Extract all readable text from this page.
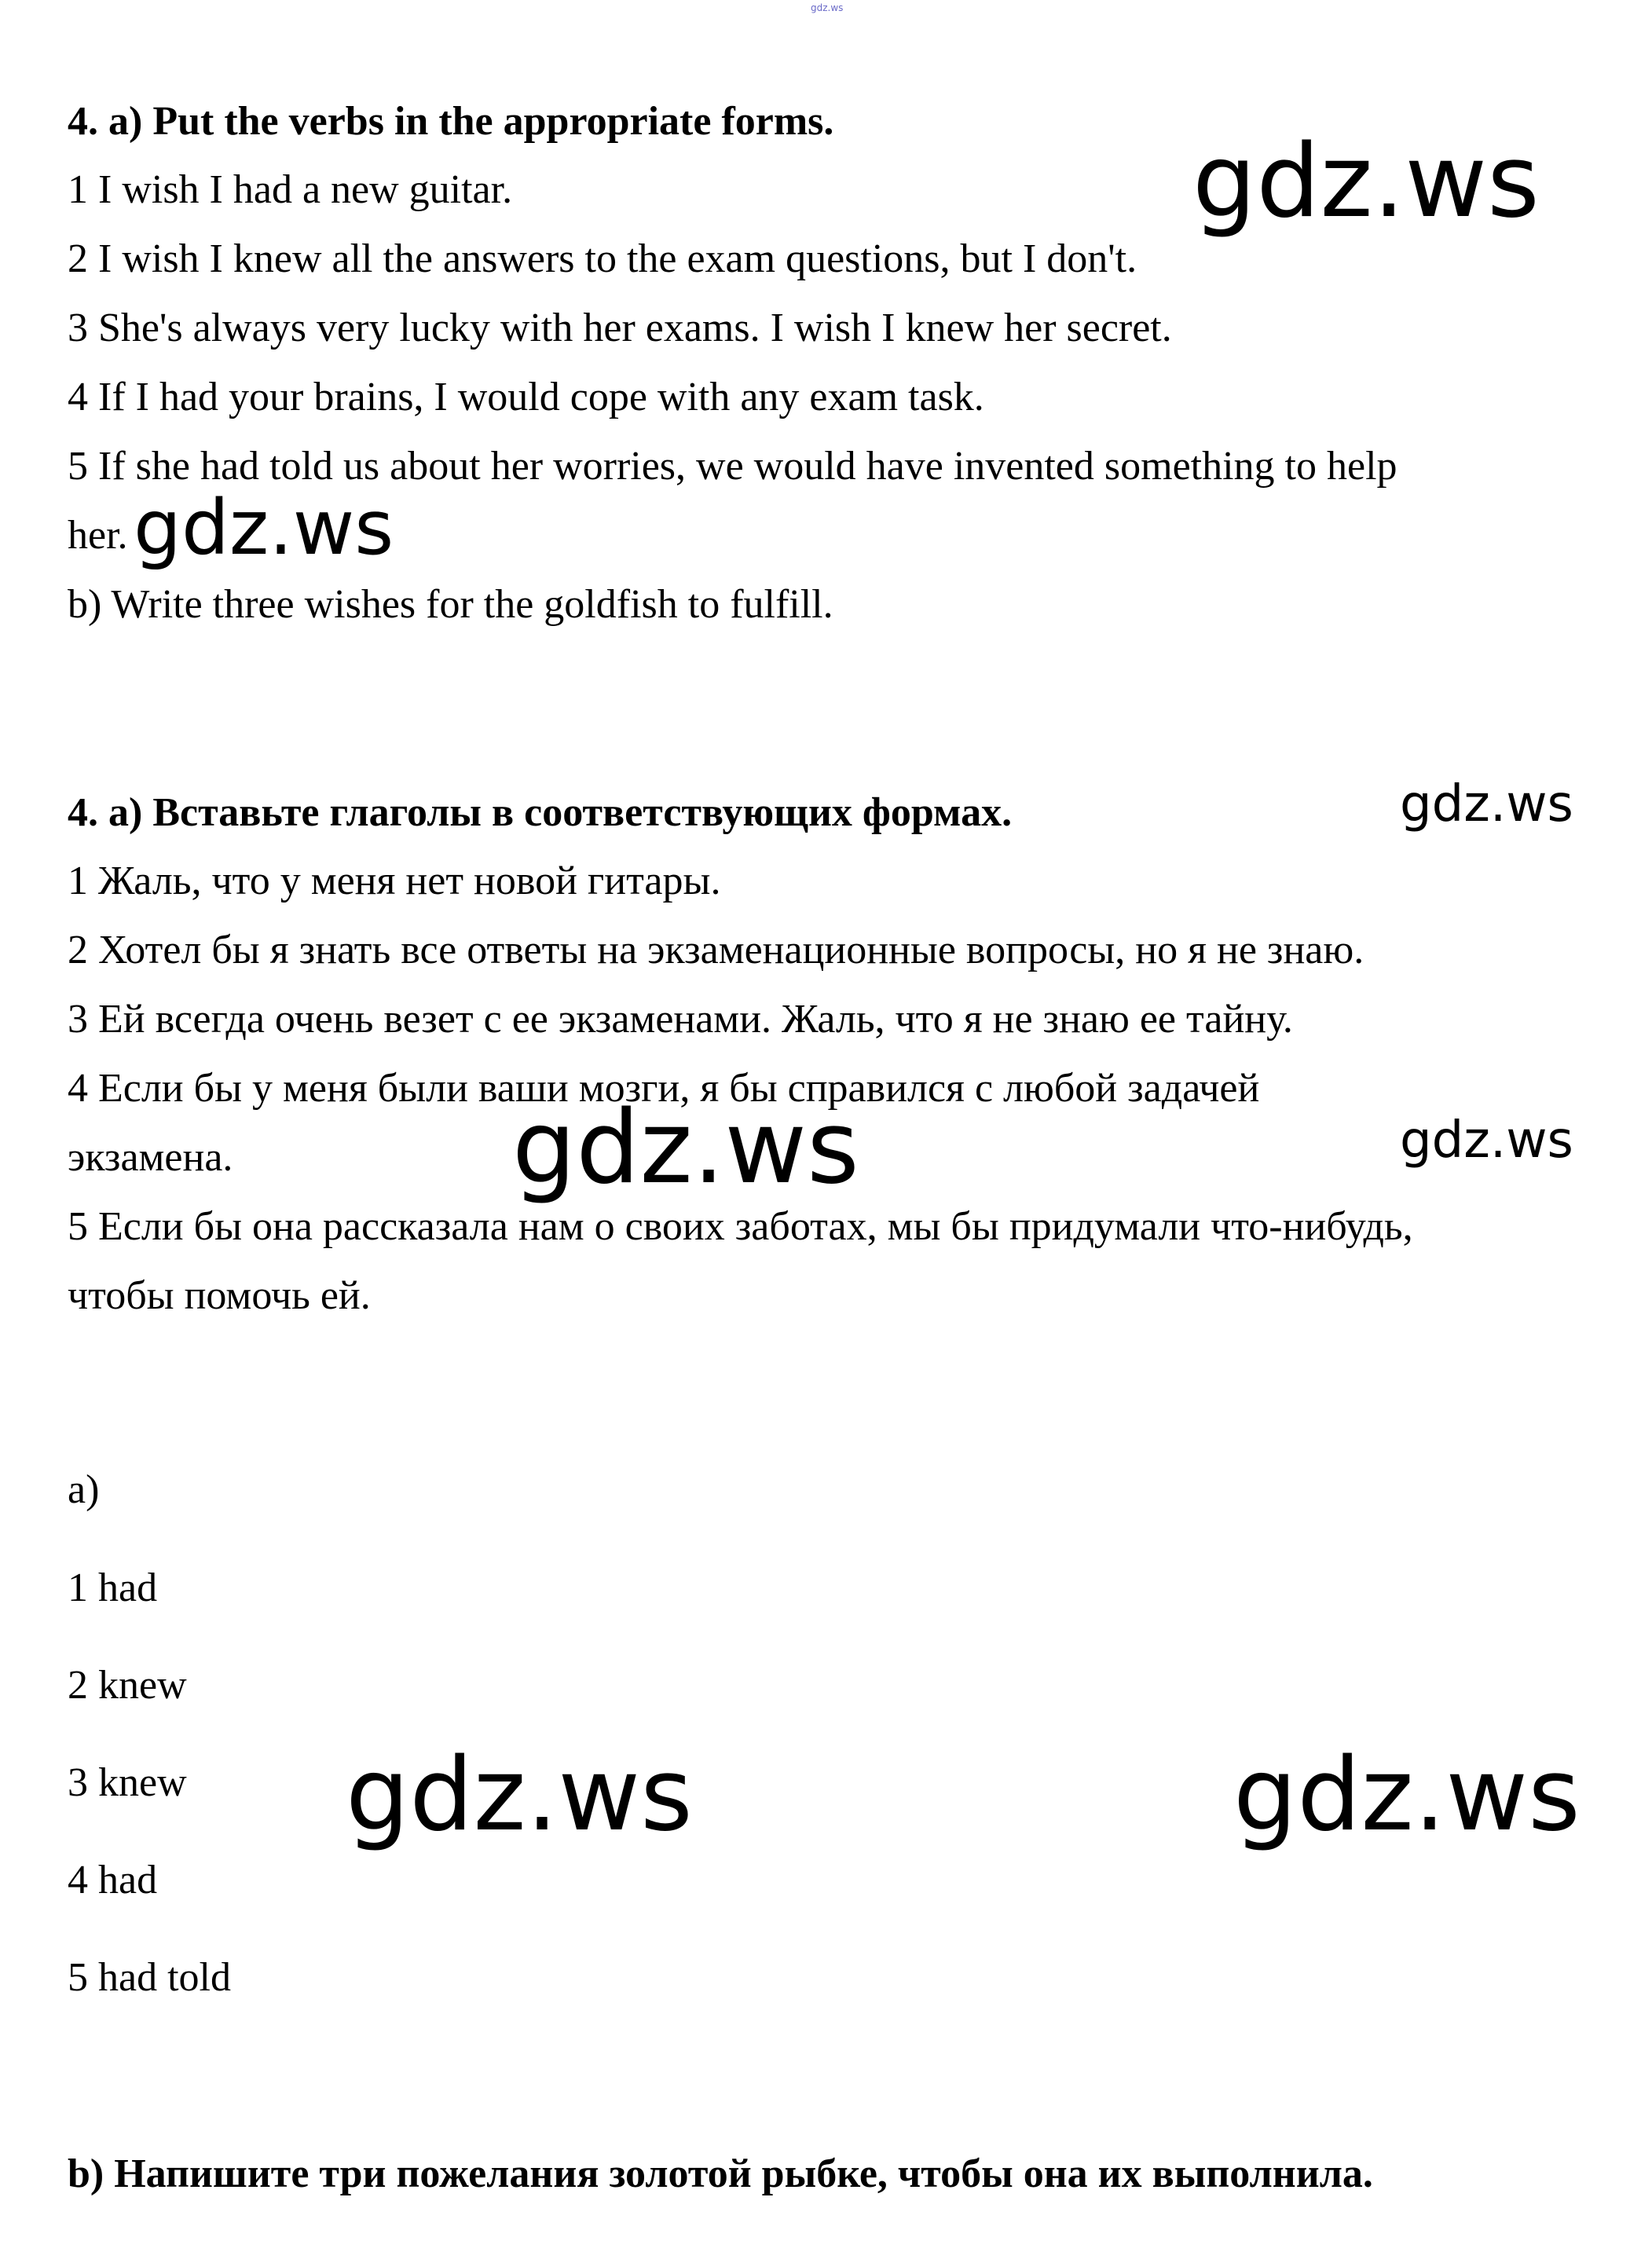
gdz.ws
4. a) Put the verbs in the appropriate forms.
1 I wish I had a new guitar.
2 I wish I knew all the answers to the exam questions, but I don't.
3 She's always very lucky with her exams. I wish I knew her secret.
4 If I had your brains, I would cope with any exam task.
5 If she had told us about her worries, we would have invented something to help
her.
b) Write three wishes for the goldfish to fulfill.
4. а) Вставьте глаголы в соответствующих формах.
1 Жаль, что у меня нет новой гитары.
2 Хотел бы я знать все ответы на экзаменационные вопросы, но я не знаю.
3 Ей всегда очень везет с ее экзаменами. Жаль, что я не знаю ее тайну.
4 Если бы у меня были ваши мозги, я бы справился с любой задачей
экзамена.
5 Если бы она рассказала нам о своих заботах, мы бы придумали что-нибудь,
чтобы помочь ей.
a)
1 had
2 knew
3 knew
4 had
5 had told
b) Напишите три пожелания золотой рыбке, чтобы она их выполнила.
gdz.ws
gdz.ws
gdz.ws
gdz.ws	gdz.ws
gdz.ws	gdz.ws
